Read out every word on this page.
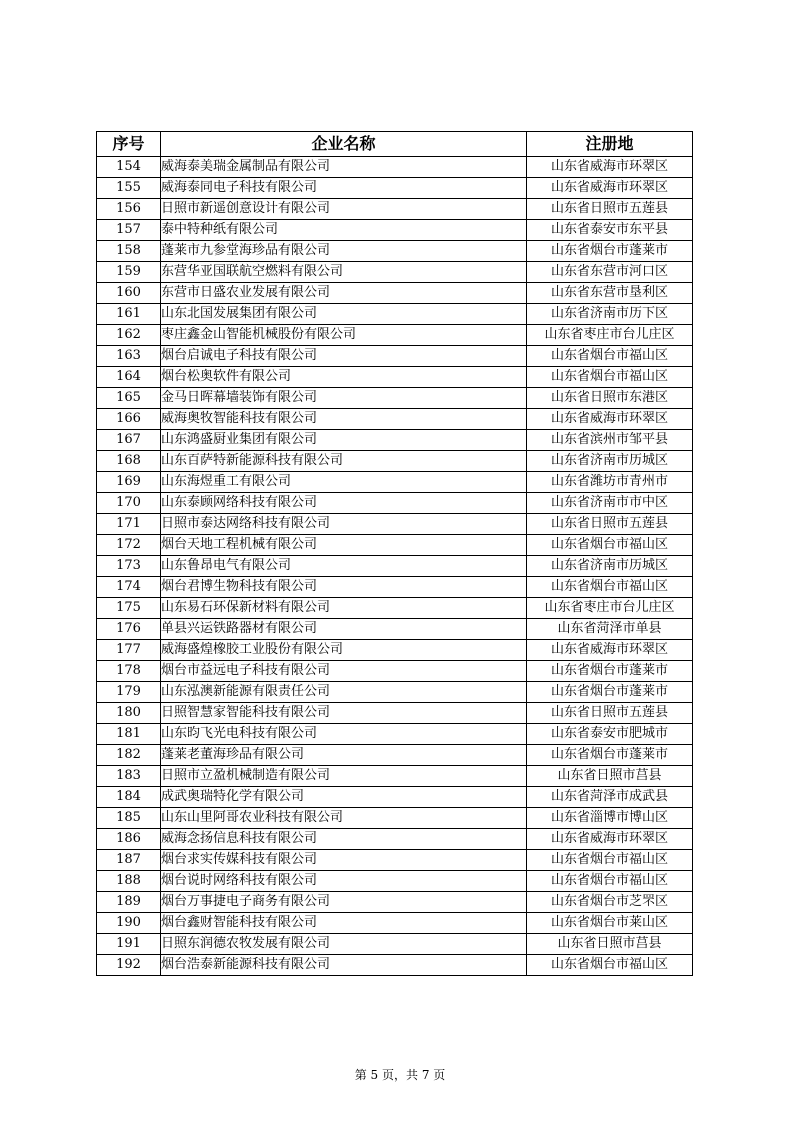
序号	企业名称	注册地
154	威海泰美瑞金属制品有限公司	山东省威海市环翠区
155	威海泰同电子科技有限公司	山东省威海市环翠区
156	日照市新遥创意设计有限公司	山东省日照市五莲县
157	泰中特种纸有限公司	山东省泰安市东平县
158	蓬莱市九参堂海珍品有限公司	山东省烟台市蓬莱市
159	东营华亚国联航空燃料有限公司	山东省东营市河口区
160	东营市日盛农业发展有限公司	山东省东营市垦利区
161	山东北国发展集团有限公司	山东省济南市历下区
162	枣庄鑫金山智能机械股份有限公司	山东省枣庄市台儿庄区
163	烟台启诚电子科技有限公司	山东省烟台市福山区
164	烟台松奥软件有限公司	山东省烟台市福山区
165	金马日晖幕墙装饰有限公司	山东省日照市东港区
166	威海奥牧智能科技有限公司	山东省威海市环翠区
167	山东鸿盛厨业集团有限公司	山东省滨州市邹平县
168	山东百萨特新能源科技有限公司	山东省济南市历城区
169	山东海煜重工有限公司	山东省潍坊市青州市
170	山东泰顾网络科技有限公司	山东省济南市市中区
171	日照市泰达网络科技有限公司	山东省日照市五莲县
172	烟台天地工程机械有限公司	山东省烟台市福山区
173	山东鲁昂电气有限公司	山东省济南市历城区
174	烟台君博生物科技有限公司	山东省烟台市福山区
175	山东易石环保新材料有限公司	山东省枣庄市台儿庄区
176	单县兴运铁路器材有限公司	山东省菏泽市单县
177	威海盛煌橡胶工业股份有限公司	山东省威海市环翠区
178	烟台市益远电子科技有限公司	山东省烟台市蓬莱市
179	山东泓澳新能源有限责任公司	山东省烟台市蓬莱市
180	日照智慧家智能科技有限公司	山东省日照市五莲县
181	山东昀飞光电科技有限公司	山东省泰安市肥城市
182	蓬莱老董海珍品有限公司	山东省烟台市蓬莱市
183	日照市立盈机械制造有限公司	山东省日照市莒县
184	成武奥瑞特化学有限公司	山东省菏泽市成武县
185	山东山里阿哥农业科技有限公司	山东省淄博市博山区
186	威海念扬信息科技有限公司	山东省威海市环翠区
187	烟台求实传媒科技有限公司	山东省烟台市福山区
188	烟台说时网络科技有限公司	山东省烟台市福山区
189	烟台万事捷电子商务有限公司	山东省烟台市芝罘区
190	烟台鑫财智能科技有限公司	山东省烟台市莱山区
191	日照东润德农牧发展有限公司	山东省日照市莒县
192	烟台浩泰新能源科技有限公司	山东省烟台市福山区
第 5 页，共 7 页
